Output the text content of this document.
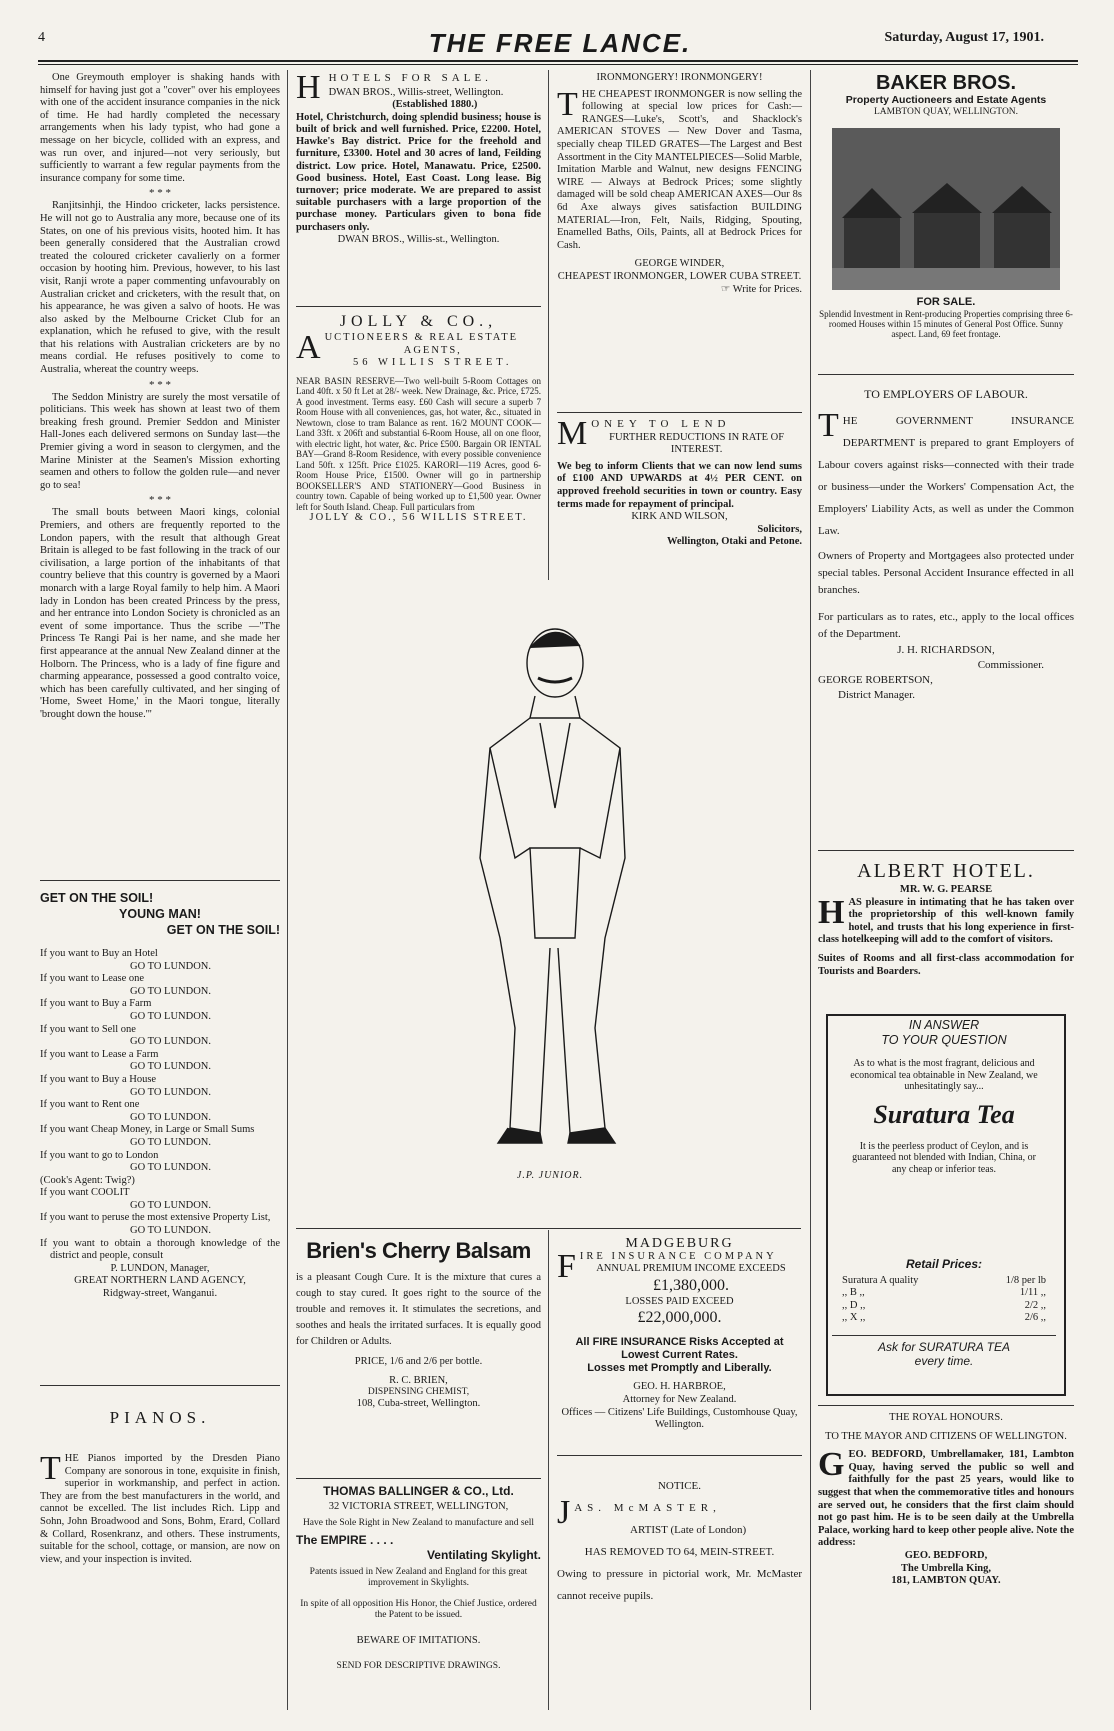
4	THE FREE LANCE.	Saturday, August 17, 1901.

One Greymouth employer is shaking hands with himself for having just got a "cover" over his employees with one of the accident insurance companies in the nick of time. He had hardly completed the necessary arrangements when his lady typist, who had gone a message on her bicycle, collided with an express, and was run over, and injured—not very seriously, but sufficiently to warrant a few regular payments from the insurance company for some time.

* * *

Ranjitsinhji, the Hindoo cricketer, lacks persistence. He will not go to Australia any more, because one of its States, on one of his previous visits, hooted him. It has been generally considered that the Australian crowd treated the coloured cricketer cavalierly on a former occasion by hooting him. Previous, however, to his last visit, Ranji wrote a paper commenting unfavourably on Australian cricket and cricketers, with the result that, on his appearance, he was given a salvo of hoots. He was also asked by the Melbourne Cricket Club for an explanation, which he refused to give, with the result that his relations with Australian cricketers are by no means cordial. He refuses positively to come to Australia, whereat the country weeps.

* * *

The Seddon Ministry are surely the most versatile of politicians. This week has shown at least two of them breaking fresh ground. Premier Seddon and Minister Hall-Jones each delivered sermons on Sunday last—the Premier giving a word in season to clergymen, and the Marine Minister at the Seamen's Mission exhorting seamen and others to follow the golden rule—and never go to sea!

* * *

The small bouts between Maori kings, colonial Premiers, and others are frequently reported to the London papers, with the result that although Great Britain is alleged to be fast following in the track of our civilisation, a large portion of the inhabitants of that country believe that this country is governed by a Maori monarch with a large Royal family to help him. A Maori lady in London has been created Princess by the press, and her entrance into London Society is chronicled as an event of some importance. Thus the scribe —"The Princess Te Rangi Pai is her name, and she made her first appearance at the annual New Zealand dinner at the Holborn. The Princess, who is a lady of fine figure and charming appearance, possessed a good contralto voice, which has been carefully cultivated, and her singing of 'Home, Sweet Home,' in the Maori tongue, literally 'brought down the house.'"

GET ON THE SOIL!
YOUNG MAN!
GET ON THE SOIL!
If you want to Buy an Hotel
GO TO LUNDON.
If you want to Lease one
GO TO LUNDON.
If you want to Buy a Farm
GO TO LUNDON.
If you want to Sell one
GO TO LUNDON.
If you want to Lease a Farm
GO TO LUNDON.
If you want to Buy a House
GO TO LUNDON.
If you want to Rent one
GO TO LUNDON.
If you want Cheap Money, in Large or Small Sums
GO TO LUNDON.
If you want to go to London
GO TO LUNDON.
(Cook's Agent: Twig?)
If you want COOLIT
GO TO LUNDON.
If you want to peruse the most extensive Property List,
GO TO LUNDON.
If you want to obtain a thorough knowledge of the district and people, consult
P. LUNDON, Manager,
GREAT NORTHERN LAND AGENCY,
Ridgway-street, Wanganui.
PIANOS.
THE Pianos imported by the Dresden Piano Company are sonorous in tone, exquisite in finish, superior in workmanship, and perfect in action. They are from the best manufacturers in the world, and cannot be excelled. The list includes Rich. Lipp and Sohn, John Broadwood and Sons, Bohm, Erard, Collard & Collard, Rosenkranz, and others. These instruments, suitable for the school, cottage, or mansion, are now on view, and your inspection is invited.
HHOTELS FOR SALE.
DWAN BROS., Willis-street, Wellington.
(Established 1880.)
Hotel, Christchurch, doing splendid business; house is built of brick and well furnished. Price, £2200. Hotel, Hawke's Bay district. Price for the freehold and furniture, £3300. Hotel and 30 acres of land, Feilding district. Low price. Hotel, Manawatu. Price, £2500. Good business. Hotel, East Coast. Long lease. Big turnover; price moderate. We are prepared to assist suitable purchasers with a large proportion of the purchase money. Particulars given to bona fide purchasers only.
DWAN BROS., Willis-st., Wellington.
JOLLY & CO.,
A UCTIONEERS & REAL ESTATE
AGENTS,
56 WILLIS STREET.
NEAR BASIN RESERVE—Two well-built 5-Room Cottages on Land 40ft. x 50 ft Let at 28/- week. New Drainage, &c. Price, £725. A good investment. Terms easy. £60 Cash will secure a superb 7 Room House with all conveniences, gas, hot water, &c., situated in Newtown, close to tram Balance as rent. 16/2 MOUNT COOK—Land 33ft. x 206ft and substantial 6-Room House, all on one floor, with electric light, hot water, &c. Price £500. Bargain OR IENTAL BAY—Grand 8-Room Residence, with every possible convenience Land 50ft. x 125ft. Price £1025. KARORI—119 Acres, good 6-Room House Price, £1500. Owner will go in partnership BOOKSELLER'S AND STATIONERY—Good Business in country town. Capable of being worked up to £1,500 year. Owner left for South Island. Cheap. Full particulars from
JOLLY & CO., 56 WILLIS STREET.
IRONMONGERY! IRONMONGERY!
THE CHEAPEST IRONMONGER is now selling the following at special low prices for Cash:— RANGES—Luke's, Scott's, and Shacklock's AMERICAN STOVES — New Dover and Tasma, specially cheap TILED GRATES—The Largest and Best Assortment in the City MANTELPIECES—Solid Marble, Imitation Marble and Walnut, new designs FENCING WIRE — Always at Bedrock Prices; some slightly damaged will be sold cheap AMERICAN AXES—Our 8s 6d Axe always gives satisfaction BUILDING MATERIAL—Iron, Felt, Nails, Ridging, Spouting, Enamelled Baths, Oils, Paints, all at Bedrock Prices for Cash.
GEORGE WINDER,
CHEAPEST IRONMONGER, LOWER CUBA STREET.
☞ Write for Prices.
MONEY TO LEND
FURTHER REDUCTIONS IN RATE OF INTEREST.
We beg to inform Clients that we can now lend sums of £100 AND UPWARDS at 4½ PER CENT. on approved freehold securities in town or country. Easy terms made for repayment of principal.
KIRK AND WILSON,
Solicitors,
Wellington, Otaki and Petone.
J.P. JUNIOR.
Brien's Cherry Balsam
is a pleasant Cough Cure. It is the mixture that cures a cough to stay cured. It goes right to the source of the trouble and removes it. It stimulates the secretions, and soothes and heals the irritated surfaces. It is equally good for Children or Adults.
PRICE, 1/6 and 2/6 per bottle.
R. C. BRIEN,
DISPENSING CHEMIST,
108, Cuba-street, Wellington.
THOMAS BALLINGER & CO., Ltd.
32 VICTORIA STREET, WELLINGTON,
Have the Sole Right in New Zealand to manufacture and sell
The EMPIRE . . . .
Ventilating Skylight.
Patents issued in New Zealand and England for this great improvement in Skylights.
In spite of all opposition His Honor, the Chief Justice, ordered the Patent to be issued.
BEWARE OF IMITATIONS.
SEND FOR DESCRIPTIVE DRAWINGS.
MADGEBURG
FIRE INSURANCE COMPANY
ANNUAL PREMIUM INCOME EXCEEDS
£1,380,000.
LOSSES PAID EXCEED
£22,000,000.
All FIRE INSURANCE Risks Accepted at Lowest Current Rates.
Losses met Promptly and Liberally.
GEO. H. HARBROE,
Attorney for New Zealand.
Offices — Citizens' Life Buildings, Customhouse Quay, Wellington.
NOTICE.
JAS. McMASTER,
ARTIST (Late of London)
HAS REMOVED TO 64, MEIN-STREET.
Owing to pressure in pictorial work, Mr. McMaster cannot receive pupils.
BAKER BROS.
Property Auctioneers and Estate Agents
LAMBTON QUAY, WELLINGTON.
FOR SALE.
Splendid Investment in Rent-producing Properties comprising three 6-roomed Houses within 15 minutes of General Post Office. Sunny aspect. Land, 69 feet frontage.
TO EMPLOYERS OF LABOUR.
THE GOVERNMENT INSURANCE DEPARTMENT is prepared to grant Employers of Labour covers against risks—connected with their trade or business—under the Workers' Compensation Act, the Employers' Liability Acts, as well as under the Common Law.
Owners of Property and Mortgagees also protected under special tables. Personal Accident Insurance effected in all branches.
For particulars as to rates, etc., apply to the local offices of the Department.
J. H. RICHARDSON,
Commissioner.
GEORGE ROBERTSON,
District Manager.
ALBERT HOTEL.
MR. W. G. PEARSE
HAS pleasure in intimating that he has taken over the proprietorship of this well-known family hotel, and trusts that his long experience in first-class hotelkeeping will add to the comfort of visitors.
Suites of Rooms and all first-class accommodation for Tourists and Boarders.
IN ANSWER
TO YOUR QUESTION
As to what is the most fragrant, delicious and economical tea obtainable in New Zealand, we unhesitatingly say...
Suratura Tea
It is the peerless product of Ceylon, and is guaranteed not blended with Indian, China, or any cheap or inferior teas.
Retail Prices:
Suratura A quality	1/8 per lb
,, B ,,	1/11 ,,
,, D ,,	2/2 ,,
,, X ,,	2/6 ,,
Ask for SURATURA TEA
every time.
THE ROYAL HONOURS.
TO THE MAYOR AND CITIZENS OF WELLINGTON.
GEO. BEDFORD, Umbrellamaker, 181, Lambton Quay, having served the public so well and faithfully for the past 25 years, would like to suggest that when the commemorative titles and honours are served out, he considers that the first claim should not go past him. He is to be seen daily at the Umbrella Palace, working hard to keep other people alive. Note the address:
GEO. BEDFORD,
The Umbrella King,
181, LAMBTON QUAY.
